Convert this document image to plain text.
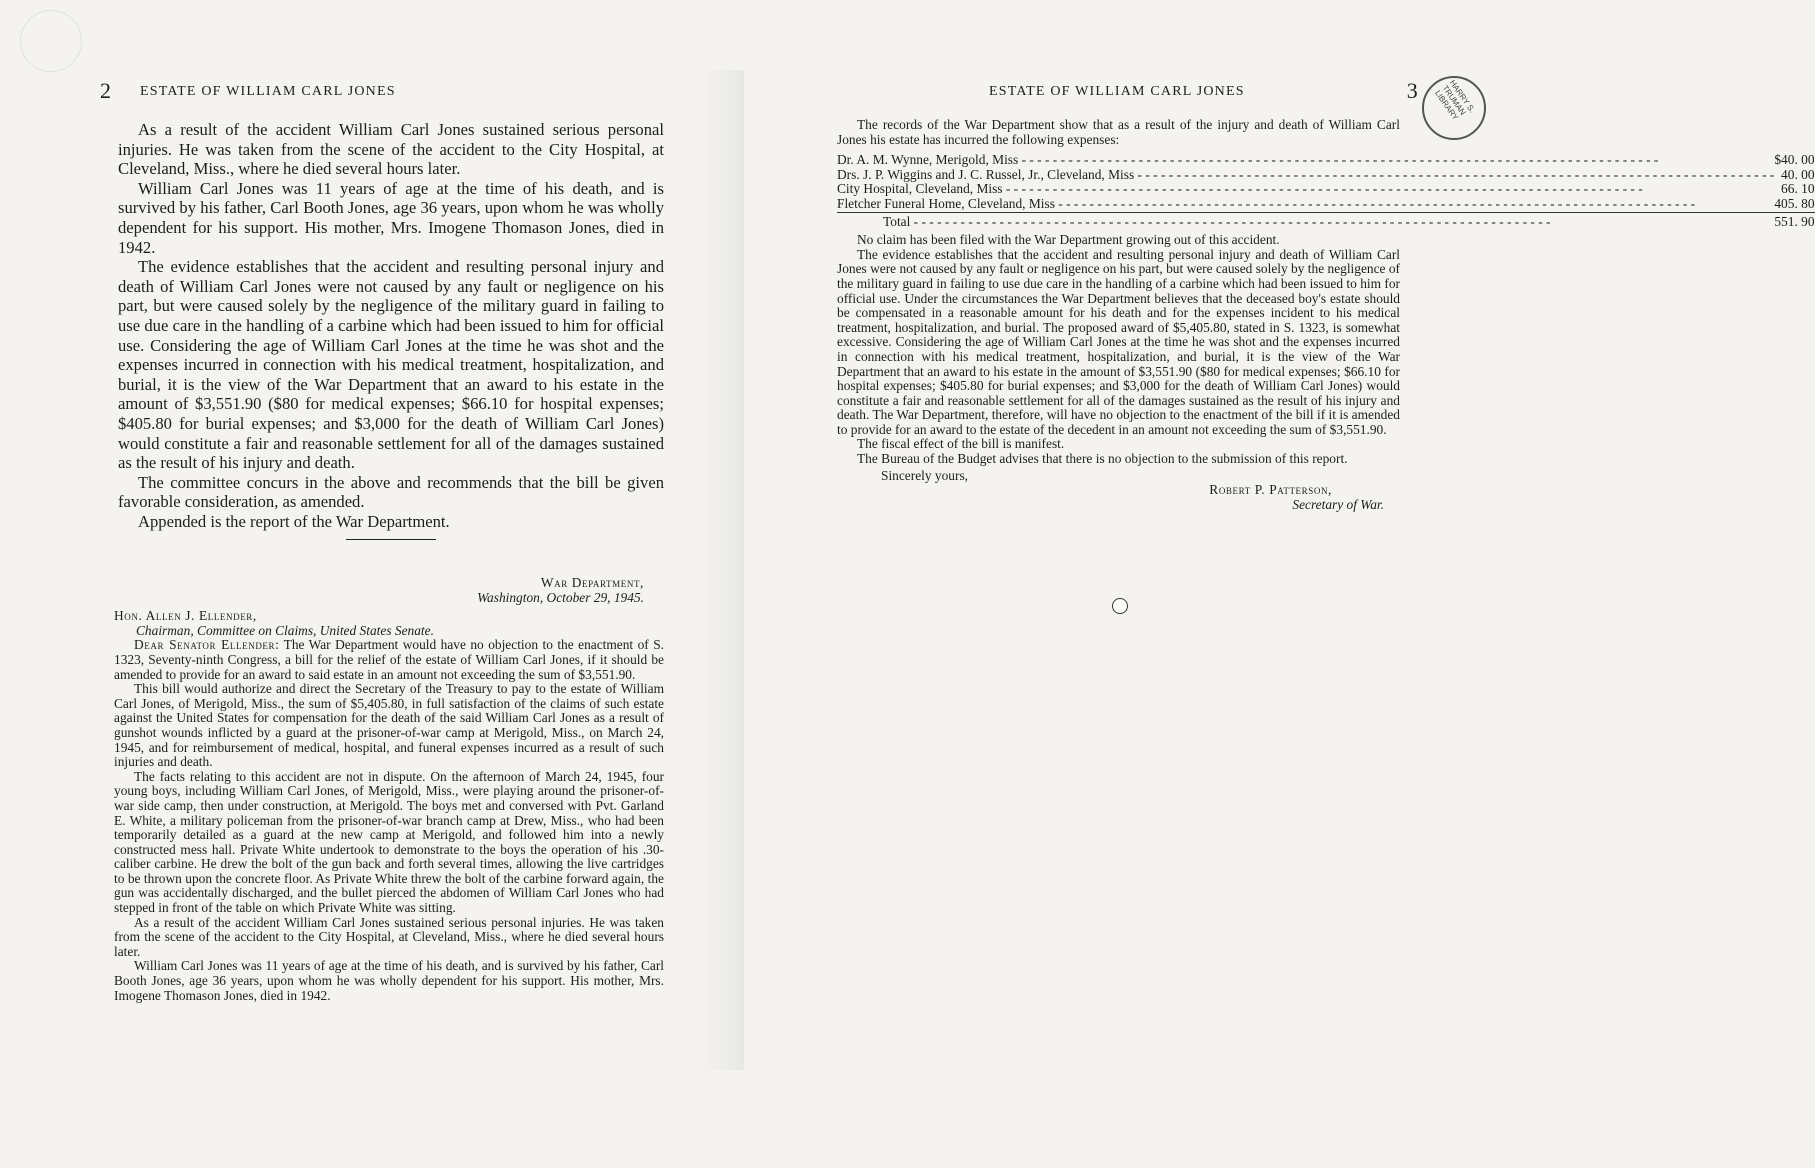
2 ESTATE OF WILLIAM CARL JONES

As a result of the accident William Carl Jones sustained serious personal injuries. He was taken from the scene of the accident to the City Hospital, at Cleveland, Miss., where he died several hours later.

William Carl Jones was 11 years of age at the time of his death, and is survived by his father, Carl Booth Jones, age 36 years, upon whom he was wholly dependent for his support. His mother, Mrs. Imogene Thomason Jones, died in 1942.

The evidence establishes that the accident and resulting personal injury and death of William Carl Jones were not caused by any fault or negligence on his part, but were caused solely by the negligence of the military guard in failing to use due care in the handling of a carbine which had been issued to him for official use. Considering the age of William Carl Jones at the time he was shot and the expenses incurred in connection with his medical treatment, hospitalization, and burial, it is the view of the War Department that an award to his estate in the amount of $3,551.90 ($80 for medical expenses; $66.10 for hospital expenses; $405.80 for burial expenses; and $3,000 for the death of William Carl Jones) would constitute a fair and reasonable settlement for all of the damages sustained as the result of his injury and death.

The committee concurs in the above and recommends that the bill be given favorable consideration, as amended.

Appended is the report of the War Department.

War Department,
Washington, October 29, 1945.
Hon. Allen J. Ellender,
Chairman, Committee on Claims, United States Senate.

Dear Senator Ellender: The War Department would have no objection to the enactment of S. 1323, Seventy-ninth Congress, a bill for the relief of the estate of William Carl Jones, if it should be amended to provide for an award to said estate in an amount not exceeding the sum of $3,551.90.

This bill would authorize and direct the Secretary of the Treasury to pay to the estate of William Carl Jones, of Merigold, Miss., the sum of $5,405.80, in full satisfaction of the claims of such estate against the United States for compensation for the death of the said William Carl Jones as a result of gunshot wounds inflicted by a guard at the prisoner-of-war camp at Merigold, Miss., on March 24, 1945, and for reimbursement of medical, hospital, and funeral expenses incurred as a result of such injuries and death.

The facts relating to this accident are not in dispute. On the afternoon of March 24, 1945, four young boys, including William Carl Jones, of Merigold, Miss., were playing around the prisoner-of-war side camp, then under construction, at Merigold. The boys met and conversed with Pvt. Garland E. White, a military policeman from the prisoner-of-war branch camp at Drew, Miss., who had been temporarily detailed as a guard at the new camp at Merigold, and followed him into a newly constructed mess hall. Private White undertook to demonstrate to the boys the operation of his .30-caliber carbine. He drew the bolt of the gun back and forth several times, allowing the live cartridges to be thrown upon the concrete floor. As Private White threw the bolt of the carbine forward again, the gun was accidentally discharged, and the bullet pierced the abdomen of William Carl Jones who had stepped in front of the table on which Private White was sitting.

As a result of the accident William Carl Jones sustained serious personal injuries. He was taken from the scene of the accident to the City Hospital, at Cleveland, Miss., where he died several hours later.

William Carl Jones was 11 years of age at the time of his death, and is survived by his father, Carl Booth Jones, age 36 years, upon whom he was wholly dependent for his support. His mother, Mrs. Imogene Thomason Jones, died in 1942.

ESTATE OF WILLIAM CARL JONES	3

The records of the War Department show that as a result of the injury and death of William Carl Jones his estate has incurred the following expenses:

Dr. A. M. Wynne, Merigold, Miss - - -	$40. 00
Drs. J. P. Wiggins and J. C. Russel, Jr., Cleveland, Miss - - -	40. 00
City Hospital, Cleveland, Miss - - -	66. 10
Fletcher Funeral Home, Cleveland, Miss - - -	405. 80

Total - - -	551. 90

No claim has been filed with the War Department growing out of this accident.

The evidence establishes that the accident and resulting personal injury and death of William Carl Jones were not caused by any fault or negligence on his part, but were caused solely by the negligence of the military guard in failing to use due care in the handling of a carbine which had been issued to him for official use. Under the circumstances the War Department believes that the deceased boy's estate should be compensated in a reasonable amount for his death and for the expenses incident to his medical treatment, hospitalization, and burial. The proposed award of $5,405.80, stated in S. 1323, is somewhat excessive. Considering the age of William Carl Jones at the time he was shot and the expenses incurred in connection with his medical treatment, hospitalization, and burial, it is the view of the War Department that an award to his estate in the amount of $3,551.90 ($80 for medical expenses; $66.10 for hospital expenses; $405.80 for burial expenses; and $3,000 for the death of William Carl Jones) would constitute a fair and reasonable settlement for all of the damages sustained as the result of his injury and death. The War Department, therefore, will have no objection to the enactment of the bill if it is amended to provide for an award to the estate of the decedent in an amount not exceeding the sum of $3,551.90.

The fiscal effect of the bill is manifest.

The Bureau of the Budget advises that there is no objection to the submission of this report.

Sincerely yours,
Robert P. Patterson,
Secretary of War.
HARRY S. TRUMAN LIBRARY
